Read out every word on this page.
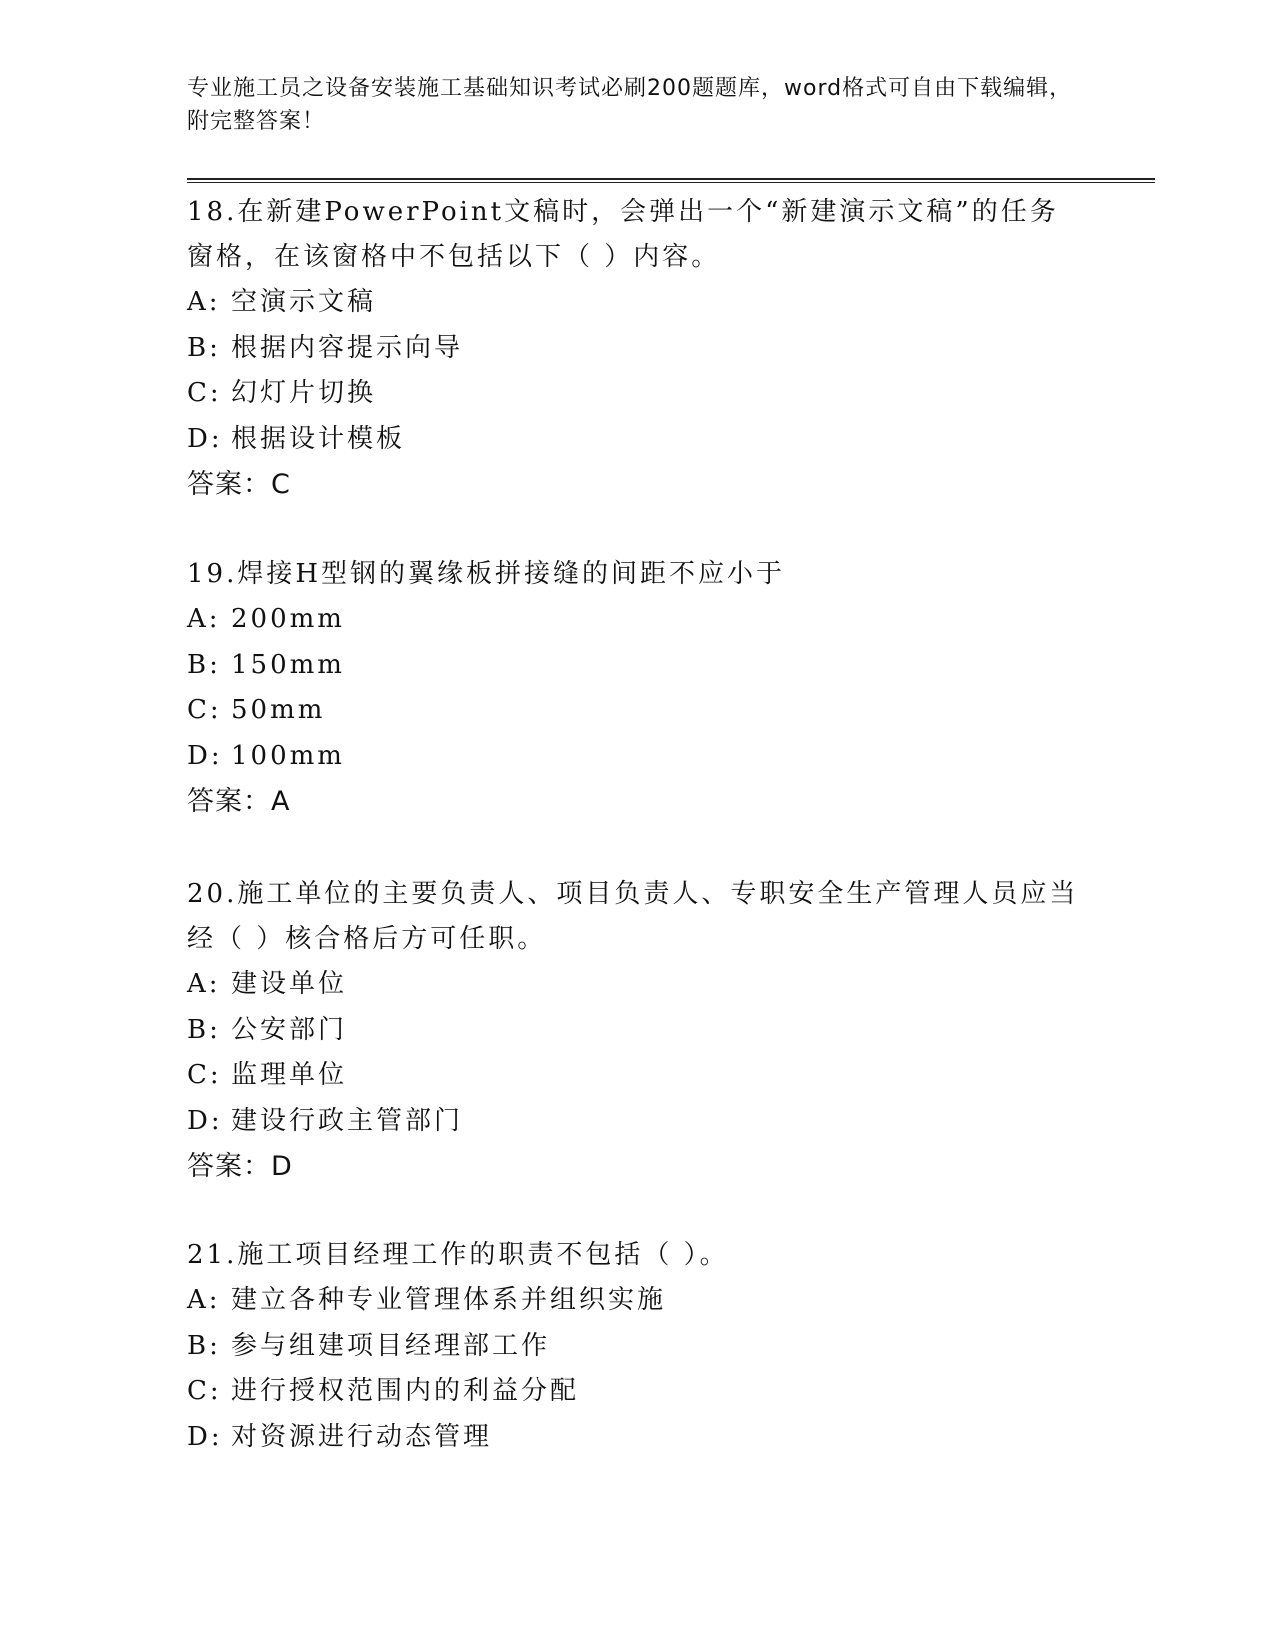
专业施工员之设备安装施工基础知识考试必刷200题题库，word格式可自由下载编辑，附完整答案！
18.在新建PowerPoint文稿时，会弹出一个“新建演示文稿”的任务窗格，在该窗格中不包括以下（ ）内容。
A: 空演示文稿
B: 根据内容提示向导
C: 幻灯片切换
D: 根据设计模板
答案：C
19.焊接H型钢的翼缘板拼接缝的间距不应小于
A: 200mm
B: 150mm
C: 50mm
D: 100mm
答案：A
20.施工单位的主要负责人、项目负责人、专职安全生产管理人员应当经（ ）核合格后方可任职。
A: 建设单位
B: 公安部门
C: 监理单位
D: 建设行政主管部门
答案：D
21.施工项目经理工作的职责不包括（ ）。
A: 建立各种专业管理体系并组织实施
B: 参与组建项目经理部工作
C: 进行授权范围内的利益分配
D: 对资源进行动态管理
